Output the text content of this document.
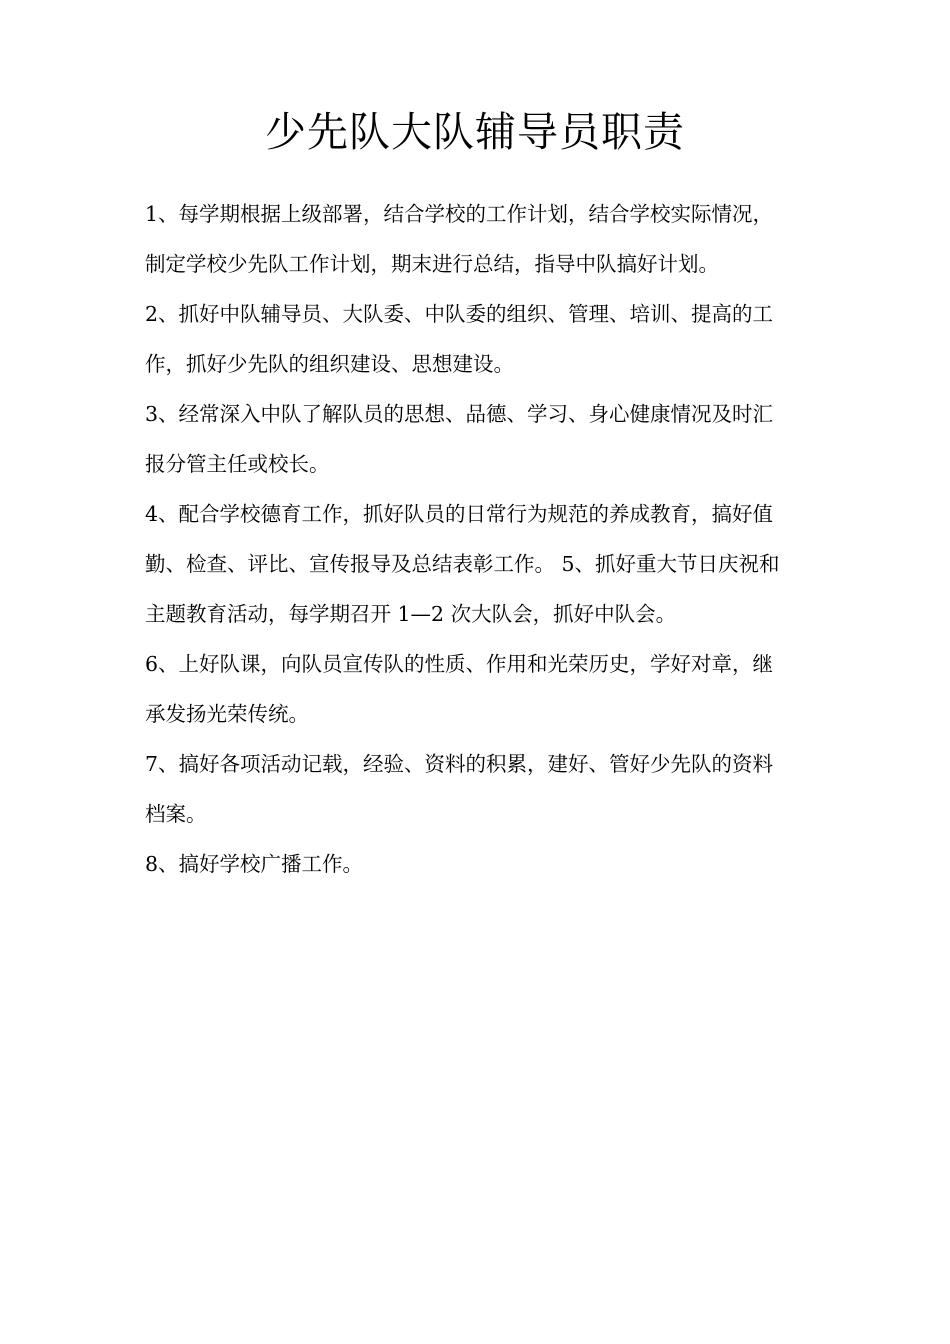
少先队大队辅导员职责
1、每学期根据上级部署，结合学校的工作计划，结合学校实际情况，
制定学校少先队工作计划，期末进行总结，指导中队搞好计划。
2、抓好中队辅导员、大队委、中队委的组织、管理、培训、提高的工
作，抓好少先队的组织建设、思想建设。
3、经常深入中队了解队员的思想、品德、学习、身心健康情况及时汇
报分管主任或校长。
4、配合学校德育工作，抓好队员的日常行为规范的养成教育，搞好值
勤、检查、评比、宣传报导及总结表彰工作。 5、抓好重大节日庆祝和
主题教育活动，每学期召开 1—2 次大队会，抓好中队会。
6、上好队课，向队员宣传队的性质、作用和光荣历史，学好对章，继
承发扬光荣传统。
7、搞好各项活动记载，经验、资料的积累，建好、管好少先队的资料
档案。
8、搞好学校广播工作。
